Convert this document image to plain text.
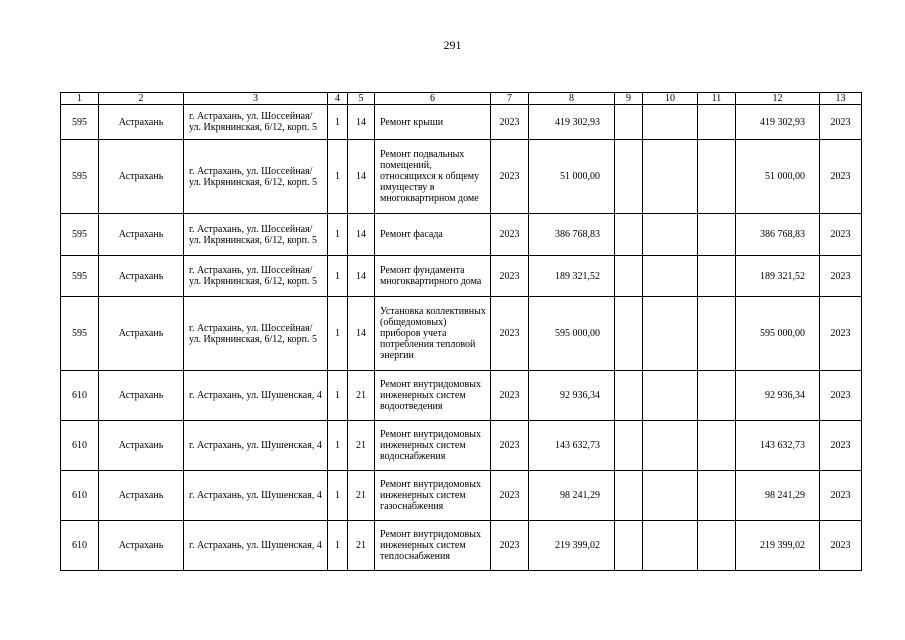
291
1	2	3	4	5	6	7	8	9	10	11	12	13
595	Астрахань	г. Астрахань, ул. Шоссейная/ ул. Икрянинская, 6/12, корп. 5	1	14	Ремонт крыши	2023	419 302,93				419 302,93	2023
595	Астрахань	г. Астрахань, ул. Шоссейная/ ул. Икрянинская, 6/12, корп. 5	1	14	Ремонт подвальных помещений, относящихся к общему имуществу в многоквартирном доме	2023	51 000,00				51 000,00	2023
595	Астрахань	г. Астрахань, ул. Шоссейная/ ул. Икрянинская, 6/12, корп. 5	1	14	Ремонт фасада	2023	386 768,83				386 768,83	2023
595	Астрахань	г. Астрахань, ул. Шоссейная/ ул. Икрянинская, 6/12, корп. 5	1	14	Ремонт фундамента многоквартирного дома	2023	189 321,52				189 321,52	2023
595	Астрахань	г. Астрахань, ул. Шоссейная/ ул. Икрянинская, 6/12, корп. 5	1	14	Установка коллективных (общедомовых) приборов учета потребления тепловой энергии	2023	595 000,00				595 000,00	2023
610	Астрахань	г. Астрахань, ул. Шушенская, 4	1	21	Ремонт внутридомовых инженерных систем водоотведения	2023	92 936,34				92 936,34	2023
610	Астрахань	г. Астрахань, ул. Шушенская, 4	1	21	Ремонт внутридомовых инженерных систем водоснабжения	2023	143 632,73				143 632,73	2023
610	Астрахань	г. Астрахань, ул. Шушенская, 4	1	21	Ремонт внутридомовых инженерных систем газоснабжения	2023	98 241,29				98 241,29	2023
610	Астрахань	г. Астрахань, ул. Шушенская, 4	1	21	Ремонт внутридомовых инженерных систем теплоснабжения	2023	219 399,02				219 399,02	2023
